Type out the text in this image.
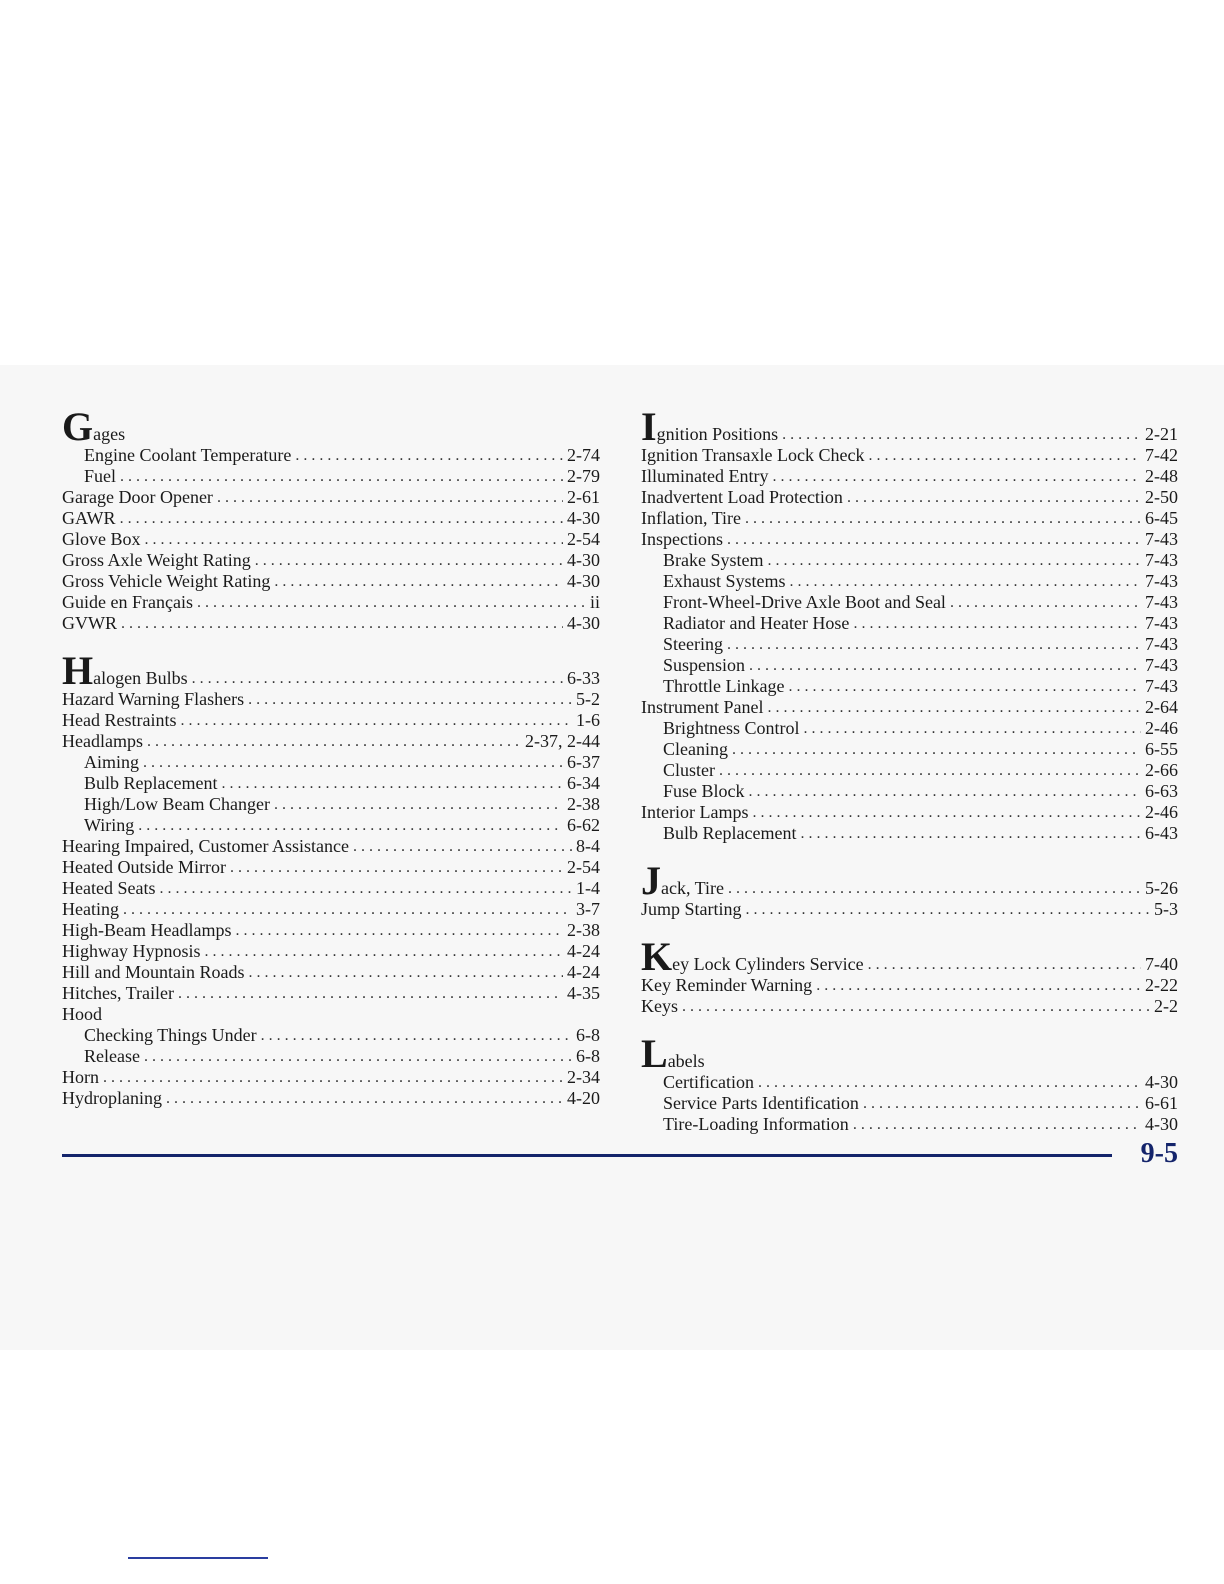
Gages
Engine Coolant Temperature . . .	2-74
Fuel . . .	2-79
Garage Door Opener . . .	2-61
GAWR . . .	4-30
Glove Box . . .	2-54
Gross Axle Weight Rating . . .	4-30
Gross Vehicle Weight Rating . . .	4-30
Guide en Français . . .	ii
GVWR . . .	4-30
Halogen Bulbs . . .	6-33
Hazard Warning Flashers . . .	5-2
Head Restraints . . .	1-6
Headlamps . . .	2-37, 2-44
Aiming . . .	6-37
Bulb Replacement . . .	6-34
High/Low Beam Changer . . .	2-38
Wiring . . .	6-62
Hearing Impaired, Customer Assistance . . .	8-4
Heated Outside Mirror . . .	2-54
Heated Seats . . .	1-4
Heating . . .	3-7
High-Beam Headlamps . . .	2-38
Highway Hypnosis . . .	4-24
Hill and Mountain Roads . . .	4-24
Hitches, Trailer . . .	4-35
Hood
Checking Things Under . . .	6-8
Release . . .	6-8
Horn . . .	2-34
Hydroplaning . . .	4-20
Ignition Positions . . .	2-21
Ignition Transaxle Lock Check . . .	7-42
Illuminated Entry . . .	2-48
Inadvertent Load Protection . . .	2-50
Inflation, Tire . . .	6-45
Inspections . . .	7-43
Brake System . . .	7-43
Exhaust Systems . . .	7-43
Front-Wheel-Drive Axle Boot and Seal . . .	7-43
Radiator and Heater Hose . . .	7-43
Steering . . .	7-43
Suspension . . .	7-43
Throttle Linkage . . .	7-43
Instrument Panel . . .	2-64
Brightness Control . . .	2-46
Cleaning . . .	6-55
Cluster . . .	2-66
Fuse Block . . .	6-63
Interior Lamps . . .	2-46
Bulb Replacement . . .	6-43
Jack, Tire . . .	5-26
Jump Starting . . .	5-3
Key Lock Cylinders Service . . .	7-40
Key Reminder Warning . . .	2-22
Keys . . .	2-2
Labels
Certification . . .	4-30
Service Parts Identification . . .	6-61
Tire-Loading Information . . .	4-30
9-5
